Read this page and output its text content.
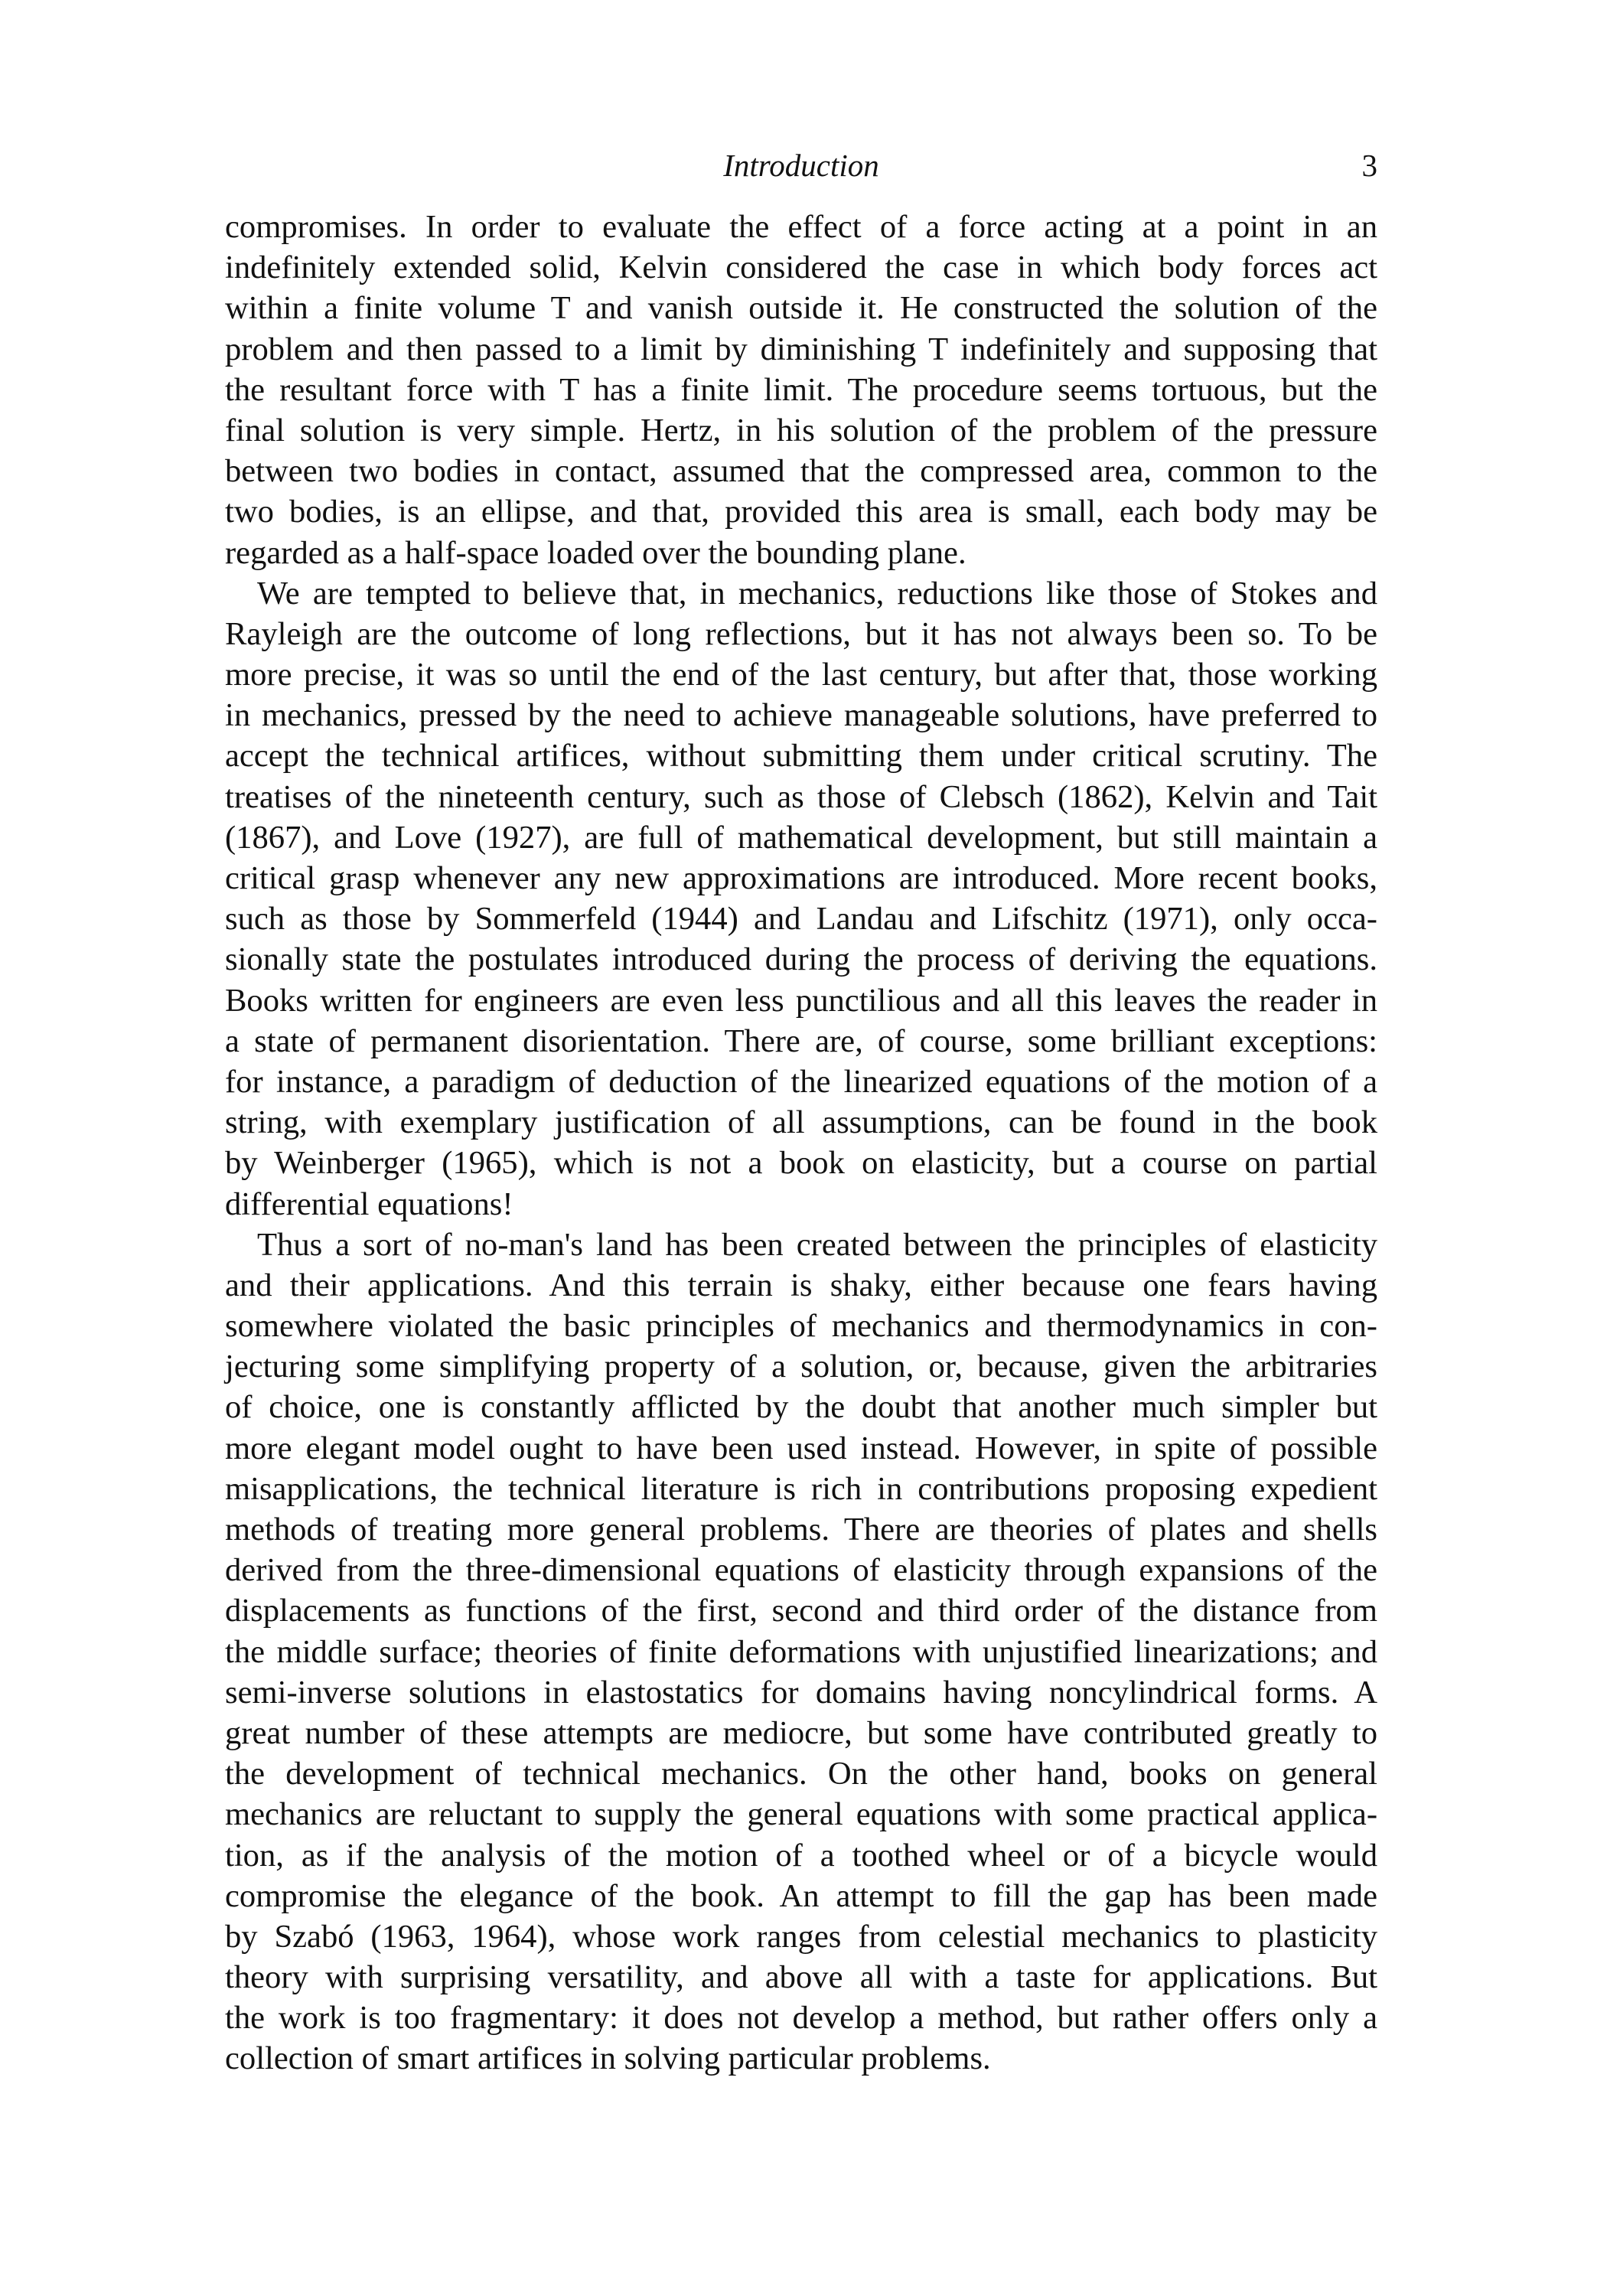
Introduction	3

compromises. In order to evaluate the effect of a force acting at a point in an
indefinitely extended solid, Kelvin considered the case in which body forces act
within a finite volume T and vanish outside it. He constructed the solution of the
problem and then passed to a limit by diminishing T indefinitely and supposing that
the resultant force with T has a finite limit. The procedure seems tortuous, but the
final solution is very simple. Hertz, in his solution of the problem of the pressure
between two bodies in contact, assumed that the compressed area, common to the
two bodies, is an ellipse, and that, provided this area is small, each body may be
regarded as a half-space loaded over the bounding plane.

We are tempted to believe that, in mechanics, reductions like those of Stokes and
Rayleigh are the outcome of long reflections, but it has not always been so. To be
more precise, it was so until the end of the last century, but after that, those working
in mechanics, pressed by the need to achieve manageable solutions, have preferred to
accept the technical artifices, without submitting them under critical scrutiny. The
treatises of the nineteenth century, such as those of Clebsch (1862), Kelvin and Tait
(1867), and Love (1927), are full of mathematical development, but still maintain a
critical grasp whenever any new approximations are introduced. More recent books,
such as those by Sommerfeld (1944) and Landau and Lifschitz (1971), only occa-
sionally state the postulates introduced during the process of deriving the equations.
Books written for engineers are even less punctilious and all this leaves the reader in
a state of permanent disorientation. There are, of course, some brilliant exceptions:
for instance, a paradigm of deduction of the linearized equations of the motion of a
string, with exemplary justification of all assumptions, can be found in the book
by Weinberger (1965), which is not a book on elasticity, but a course on partial
differential equations!

Thus a sort of no-man's land has been created between the principles of elasticity
and their applications. And this terrain is shaky, either because one fears having
somewhere violated the basic principles of mechanics and thermodynamics in con-
jecturing some simplifying property of a solution, or, because, given the arbitraries
of choice, one is constantly afflicted by the doubt that another much simpler but
more elegant model ought to have been used instead. However, in spite of possible
misapplications, the technical literature is rich in contributions proposing expedient
methods of treating more general problems. There are theories of plates and shells
derived from the three-dimensional equations of elasticity through expansions of the
displacements as functions of the first, second and third order of the distance from
the middle surface; theories of finite deformations with unjustified linearizations; and
semi-inverse solutions in elastostatics for domains having noncylindrical forms. A
great number of these attempts are mediocre, but some have contributed greatly to
the development of technical mechanics. On the other hand, books on general
mechanics are reluctant to supply the general equations with some practical applica-
tion, as if the analysis of the motion of a toothed wheel or of a bicycle would
compromise the elegance of the book. An attempt to fill the gap has been made
by Szabó (1963, 1964), whose work ranges from celestial mechanics to plasticity
theory with surprising versatility, and above all with a taste for applications. But
the work is too fragmentary: it does not develop a method, but rather offers only a
collection of smart artifices in solving particular problems.
